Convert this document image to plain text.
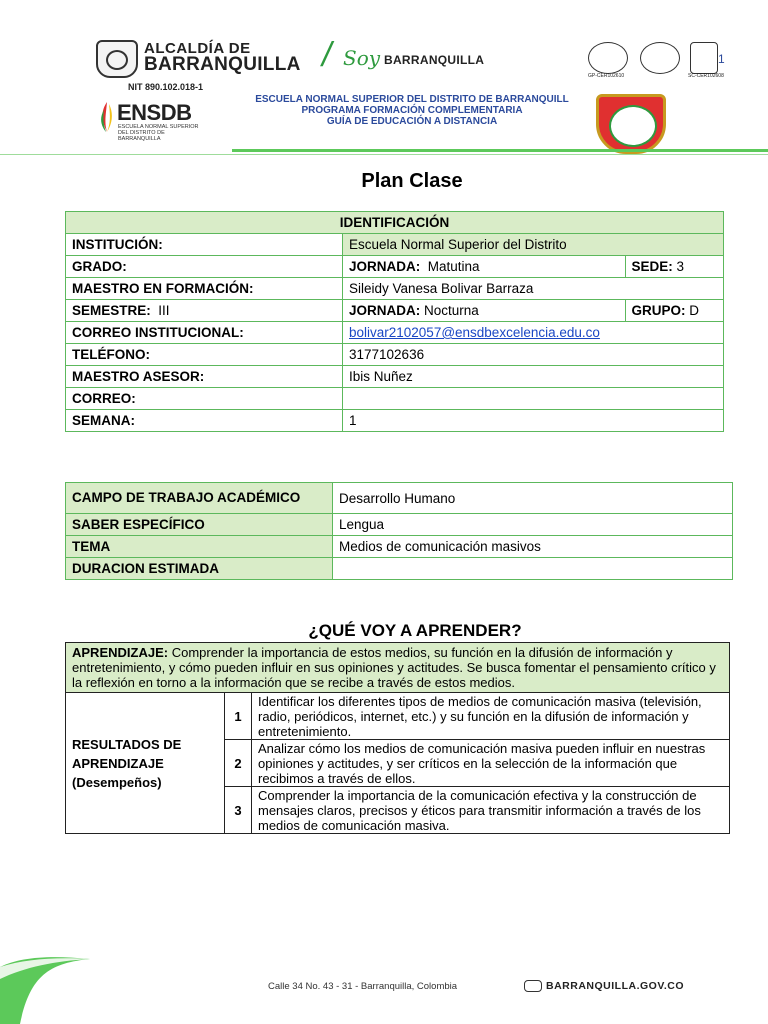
ALCALDÍA DE
BARRANQUILLA / Soy BARRANQUILLA
NIT 890.102.018-1
ENSDB
ESCUELA NORMAL SUPERIOR DEL DISTRITO DE BARRANQUILLA
ESCUELA NORMAL SUPERIOR DEL DISTRITO DE BARRANQUILL
PROGRAMA FORMACIÓN COMPLEMENTARIA
GUÍA DE EDUCACIÓN A DISTANCIA
GP-CER102610	SC-CER102608
1
Plan Clase
IDENTIFICACIÓN		
INSTITUCIÓN:	Escuela Normal Superior del Distrito	
GRADO:	JORNADA: Matutina	SEDE: 3
MAESTRO EN FORMACIÓN:	Sileidy Vanesa Bolivar Barraza	
SEMESTRE: III	JORNADA: Nocturna	GRUPO: D
CORREO INSTITUCIONAL:	bolivar2102057@ensdbexcelencia.edu.co	
TELÉFONO:	3177102636	
MAESTRO ASESOR:	Ibis Nuñez	
CORREO:		
SEMANA:	1	
CAMPO DE TRABAJO ACADÉMICO	Desarrollo Humano
SABER ESPECÍFICO	Lengua
TEMA	Medios de comunicación masivos
DURACION ESTIMADA	
¿QUÉ VOY A APRENDER?
APRENDIZAJE: Comprender la importancia de estos medios, su función en la difusión de información y entretenimiento, y cómo pueden influir en sus opiniones y actitudes. Se busca fomentar el pensamiento crítico y la reflexión en torno a la información que se recibe a través de estos medios.		
RESULTADOS DE APRENDIZAJE (Desempeños)	1	Identificar los diferentes tipos de medios de comunicación masiva (televisión, radio, periódicos, internet, etc.) y su función en la difusión de información y entretenimiento.
	2	Analizar cómo los medios de comunicación masiva pueden influir en nuestras opiniones y actitudes, y ser críticos en la selección de la información que recibimos a través de ellos.
	3	Comprender la importancia de la comunicación efectiva y la construcción de mensajes claros, precisos y éticos para transmitir información a través de los medios de comunicación masiva.
Calle 34 No. 43 - 31 - Barranquilla, Colombia	BARRANQUILLA.GOV.CO
